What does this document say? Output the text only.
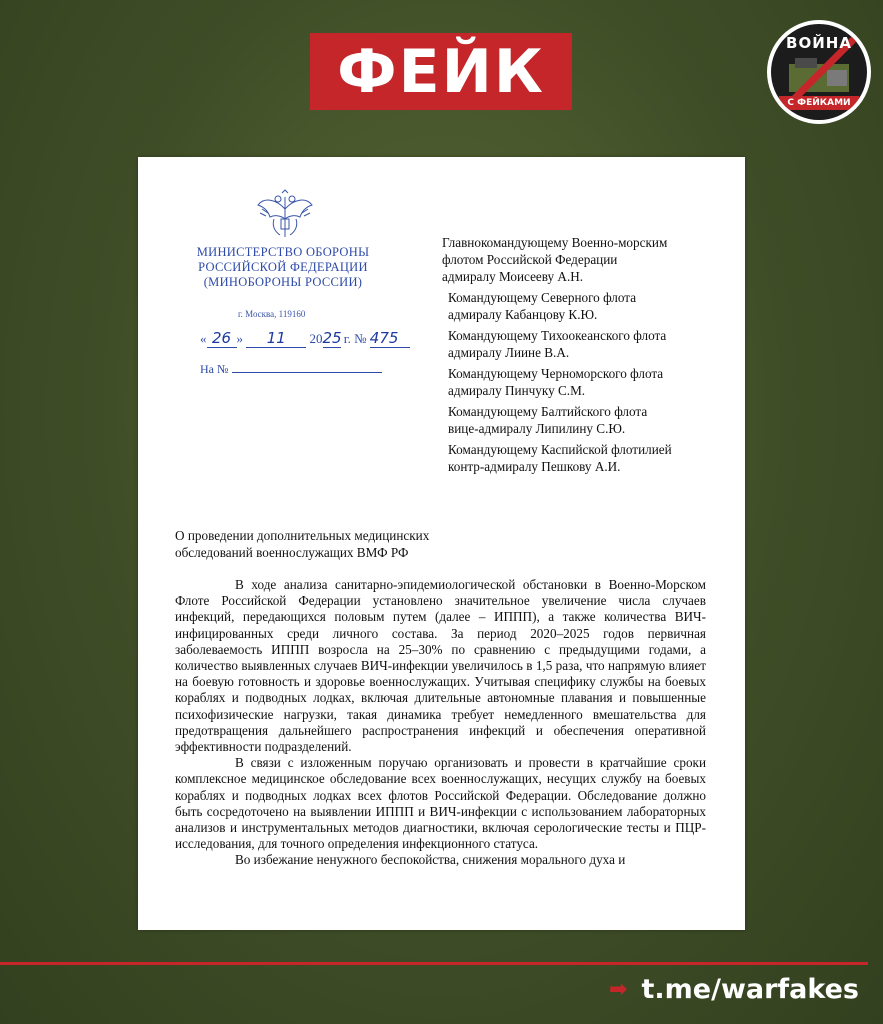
ФЕЙК	ВОЙНА
С ФЕЙКАМИ
МИНИСТЕРСТВО ОБОРОНЫ
РОССИЙСКОЙ ФЕДЕРАЦИИ
(МИНОБОРОНЫ РОССИИ)
г. Москва, 119160
« 26 » 11 2025 г. № 475
На №
Главнокомандующему Военно-морским
флотом Российской Федерации
адмиралу Моисееву А.Н.
Командующему Северного флота
адмиралу Кабанцову К.Ю.
Командующему Тихоокеанского флота
адмиралу Лиине В.А.
Командующему Черноморского флота
адмиралу Пинчуку С.М.
Командующему Балтийского флота
вице-адмиралу Липилину С.Ю.
Командующему Каспийской флотилией
контр-адмиралу Пешкову А.И.
О проведении дополнительных медицинских
обследований военнослужащих ВМФ РФ

В ходе анализа санитарно-эпидемиологической обстановки в Военно-Морском Флоте Российской Федерации установлено значительное увеличение числа случаев инфекций, передающихся половым путем (далее – ИППП), а также количества ВИЧ-инфицированных среди личного состава. За период 2020–2025 годов первичная заболеваемость ИППП возросла на 25–30% по сравнению с предыдущими годами, а количество выявленных случаев ВИЧ-инфекции увеличилось в 1,5 раза, что напрямую влияет на боевую готовность и здоровье военнослужащих. Учитывая специфику службы на боевых кораблях и подводных лодках, включая длительные автономные плавания и повышенные психофизические нагрузки, такая динамика требует немедленного вмешательства для предотвращения дальнейшего распространения инфекций и обеспечения оперативной эффективности подразделений.

В связи с изложенным поручаю организовать и провести в кратчайшие сроки комплексное медицинское обследование всех военнослужащих, несущих службу на боевых кораблях и подводных лодках всех флотов Российской Федерации. Обследование должно быть сосредоточено на выявлении ИППП и ВИЧ-инфекции с использованием лабораторных анализов и инструментальных методов диагностики, включая серологические тесты и ПЦР-исследования, для точного определения инфекционного статуса.

Во избежание ненужного беспокойства, снижения морального духа и

➡ t.me/warfakes
